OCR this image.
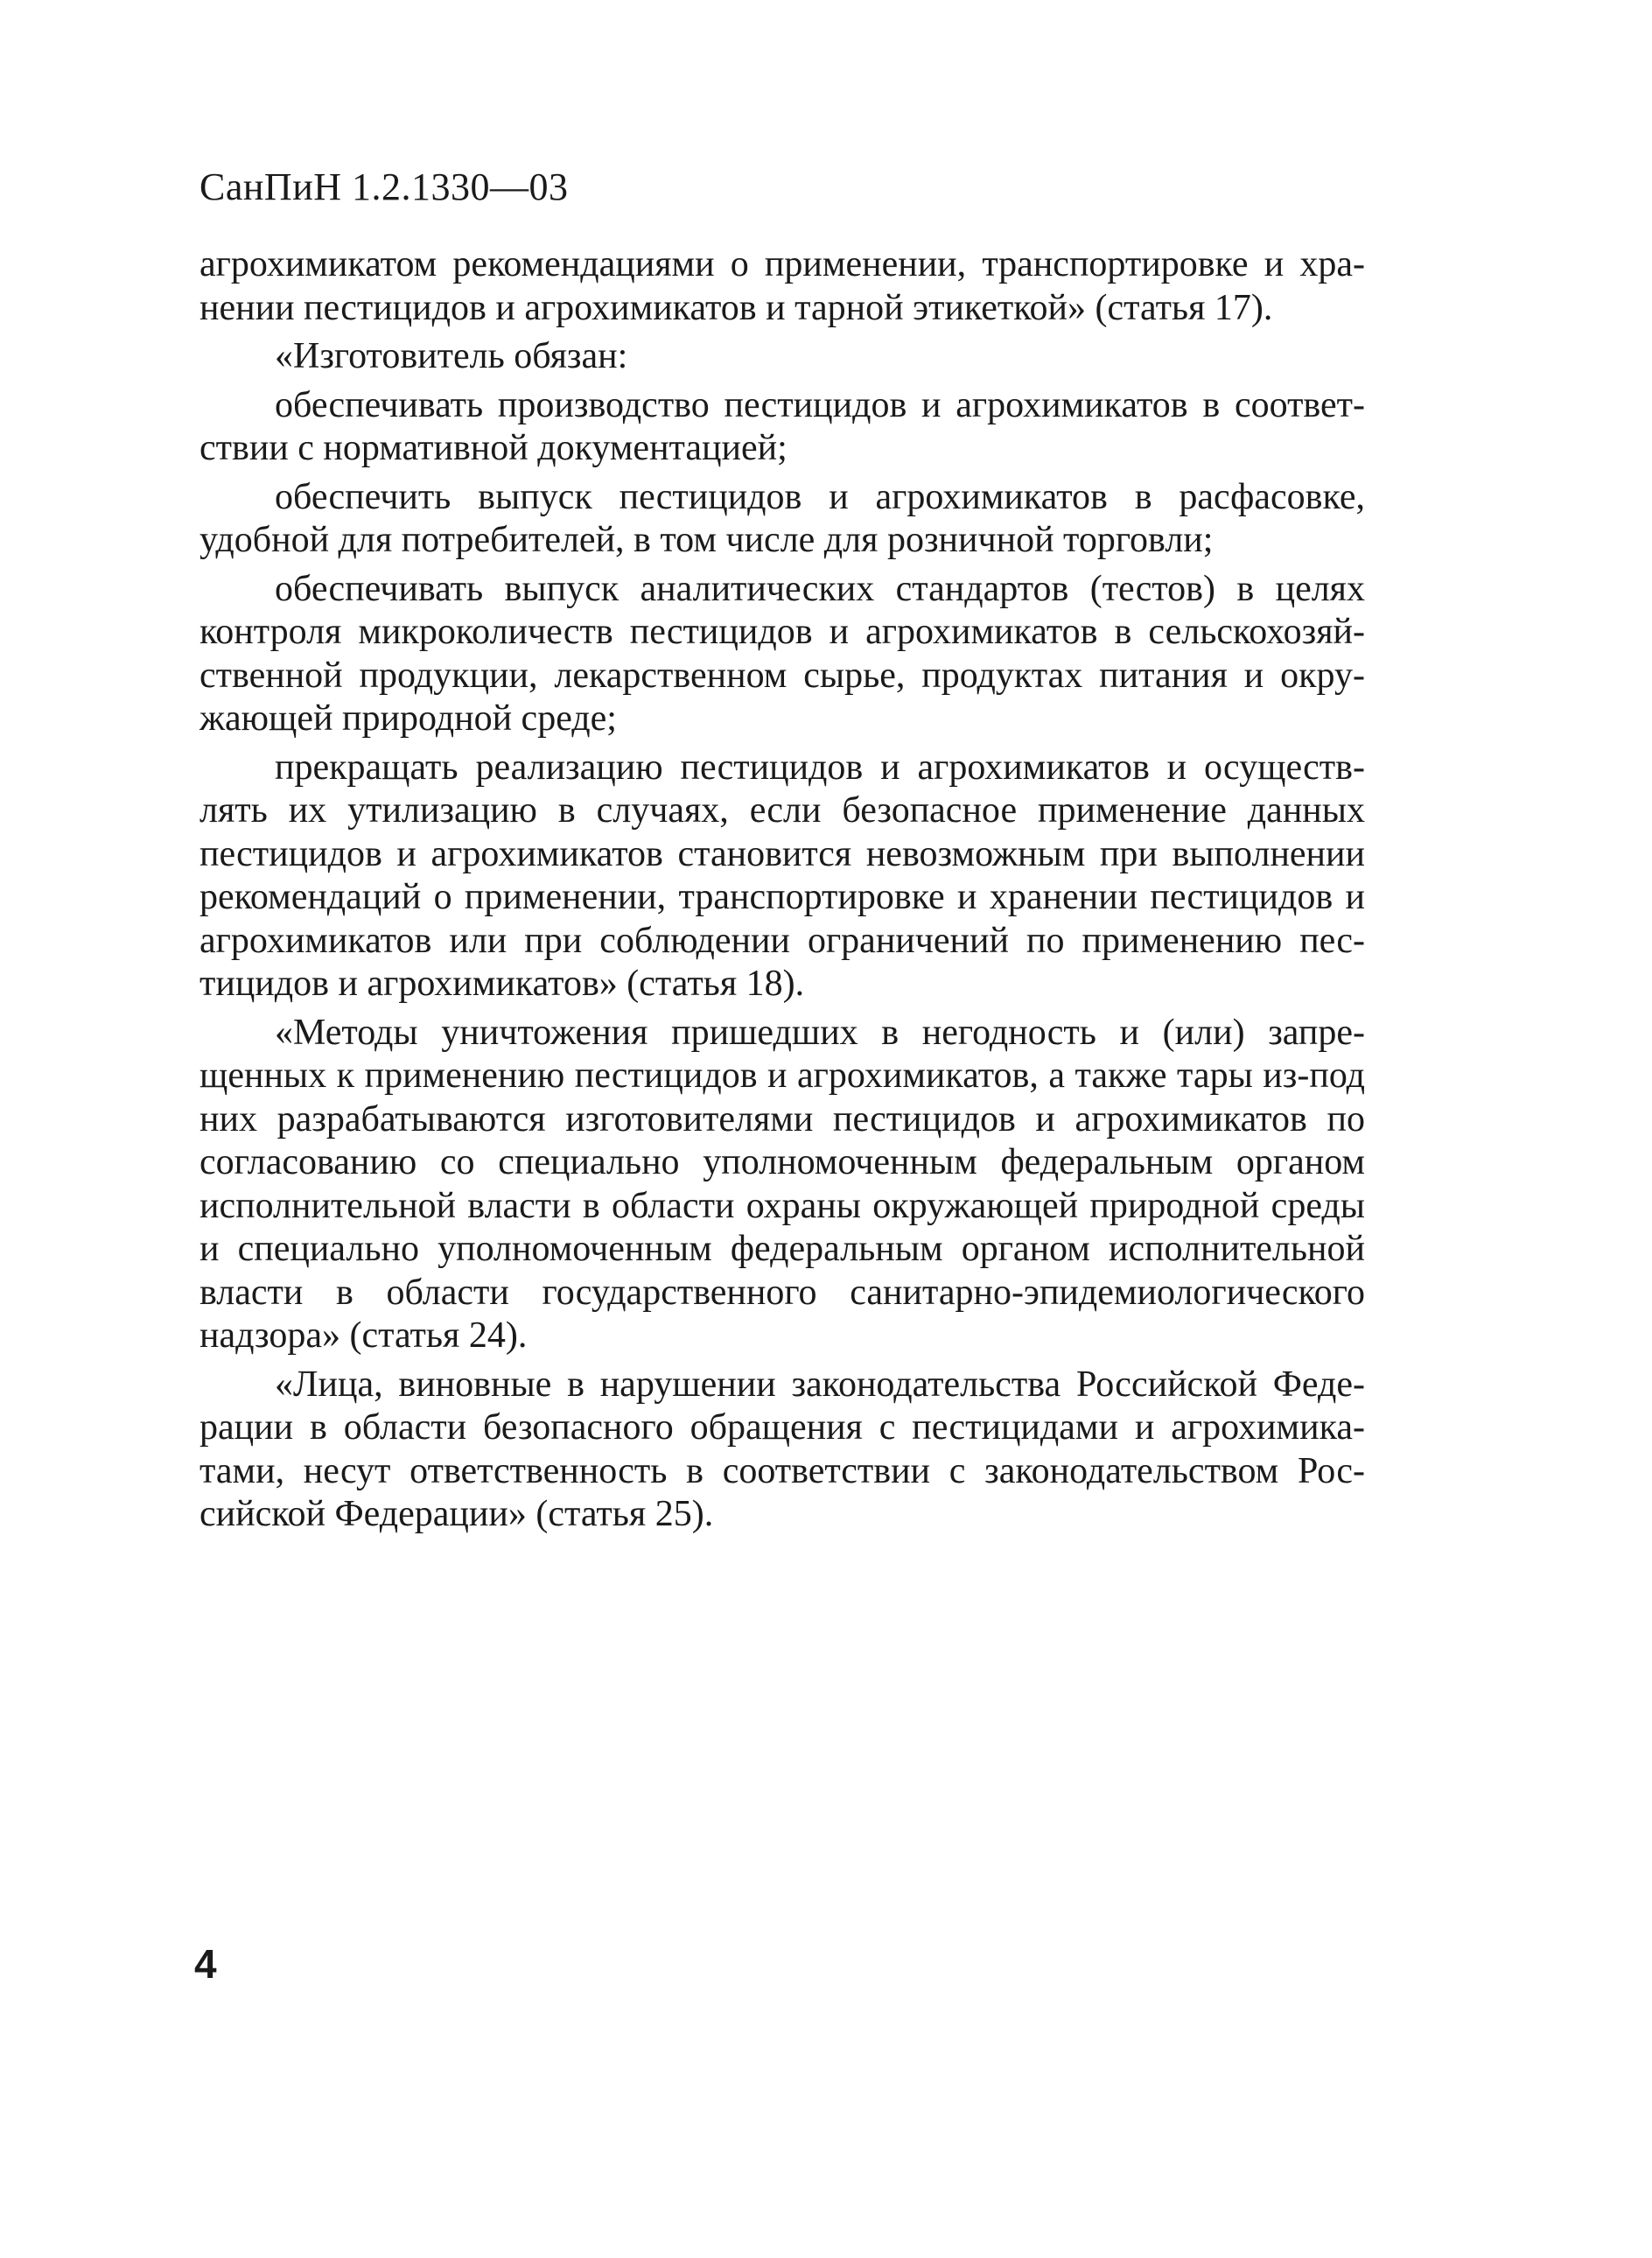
СанПиН 1.2.1330—03

агрохимикатом рекомендациями о применении, транспортировке и хранении пестицидов и агрохимикатов и тарной этикеткой» (статья 17).

«Изготовитель обязан:

обеспечивать производство пестицидов и агрохимикатов в соответствии с нормативной документацией;

обеспечить выпуск пестицидов и агрохимикатов в расфасовке, удобной для потребителей, в том числе для розничной торговли;

обеспечивать выпуск аналитических стандартов (тестов) в целях контроля микроколичеств пестицидов и агрохимикатов в сельскохозяйственной продукции, лекарственном сырье, продуктах питания и окружающей природной среде;

прекращать реализацию пестицидов и агрохимикатов и осуществлять их утилизацию в случаях, если безопасное применение данных пестицидов и агрохимикатов становится невозможным при выполнении рекомендаций о применении, транспортировке и хранении пестицидов и агрохимикатов или при соблюдении ограничений по применению пестицидов и агрохимикатов» (статья 18).

«Методы уничтожения пришедших в негодность и (или) запрещенных к применению пестицидов и агрохимикатов, а также тары из-под них разрабатываются изготовителями пестицидов и агрохимикатов по согласованию со специально уполномоченным федеральным органом исполнительной власти в области охраны окружающей природной среды и специально уполномоченным федеральным органом исполнительной власти в области государственного санитарно-эпидемиологического надзора» (статья 24).

«Лица, виновные в нарушении законодательства Российской Федерации в области безопасного обращения с пестицидами и агрохимикатами, несут ответственность в соответствии с законодательством Российской Федерации» (статья 25).

4
